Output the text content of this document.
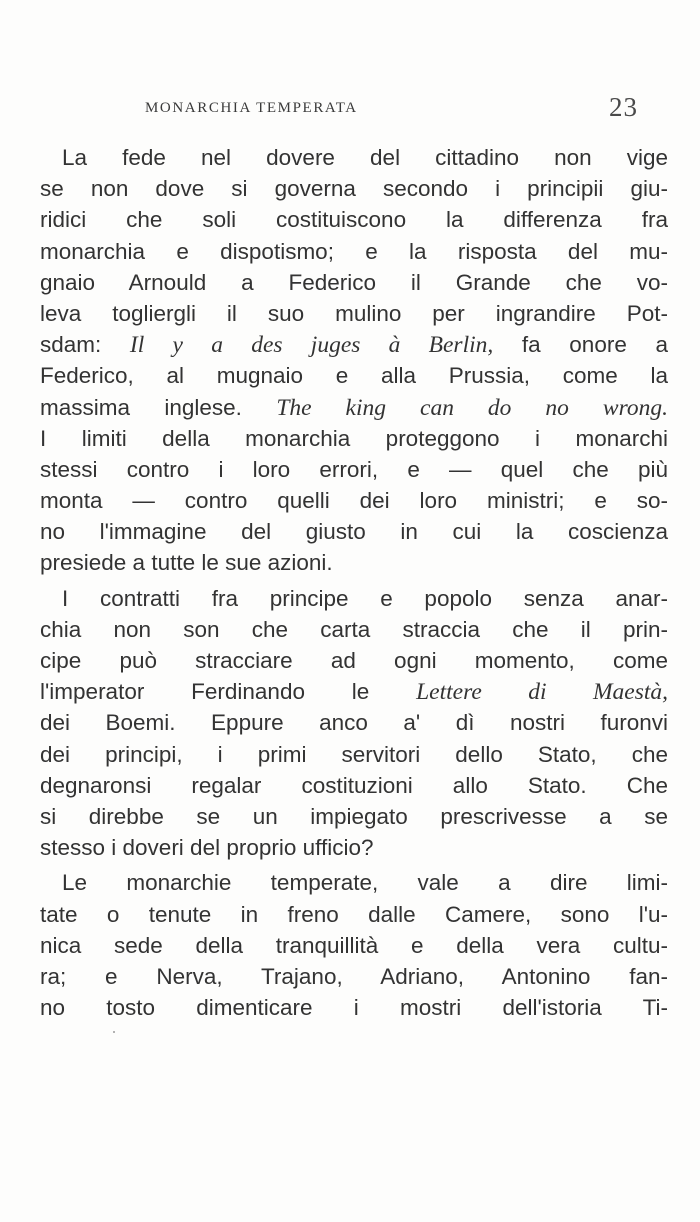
MONARCHIA TEMPERATA	23
La fede nel dovere del cittadino non vige
se non dove si governa secondo i principii giu-
ridici che soli costituiscono la differenza fra
monarchia e dispotismo; e la risposta del mu-
gnaio Arnould a Federico il Grande che vo-
leva togliergli il suo mulino per ingrandire Pot-
sdam: Il y a des juges à Berlin, fa onore a
Federico, al mugnaio e alla Prussia, come la
massima inglese. The king can do no wrong.
I limiti della monarchia proteggono i monarchi
stessi contro i loro errori, e — quel che più
monta — contro quelli dei loro ministri; e so-
no l'immagine del giusto in cui la coscienza
presiede a tutte le sue azioni.
I contratti fra principe e popolo senza anar-
chia non son che carta straccia che il prin-
cipe può stracciare ad ogni momento, come
l'imperator Ferdinando le Lettere di Maestà,
dei Boemi. Eppure anco a' dì nostri furonvi
dei principi, i primi servitori dello Stato, che
degnaronsi regalar costituzioni allo Stato. Che
si direbbe se un impiegato prescrivesse a se
stesso i doveri del proprio ufficio?
Le monarchie temperate, vale a dire limi-
tate o tenute in freno dalle Camere, sono l'u-
nica sede della tranquillità e della vera cultu-
ra; e Nerva, Trajano, Adriano, Antonino fan-
no tosto dimenticare i mostri dell'istoria Ti-
